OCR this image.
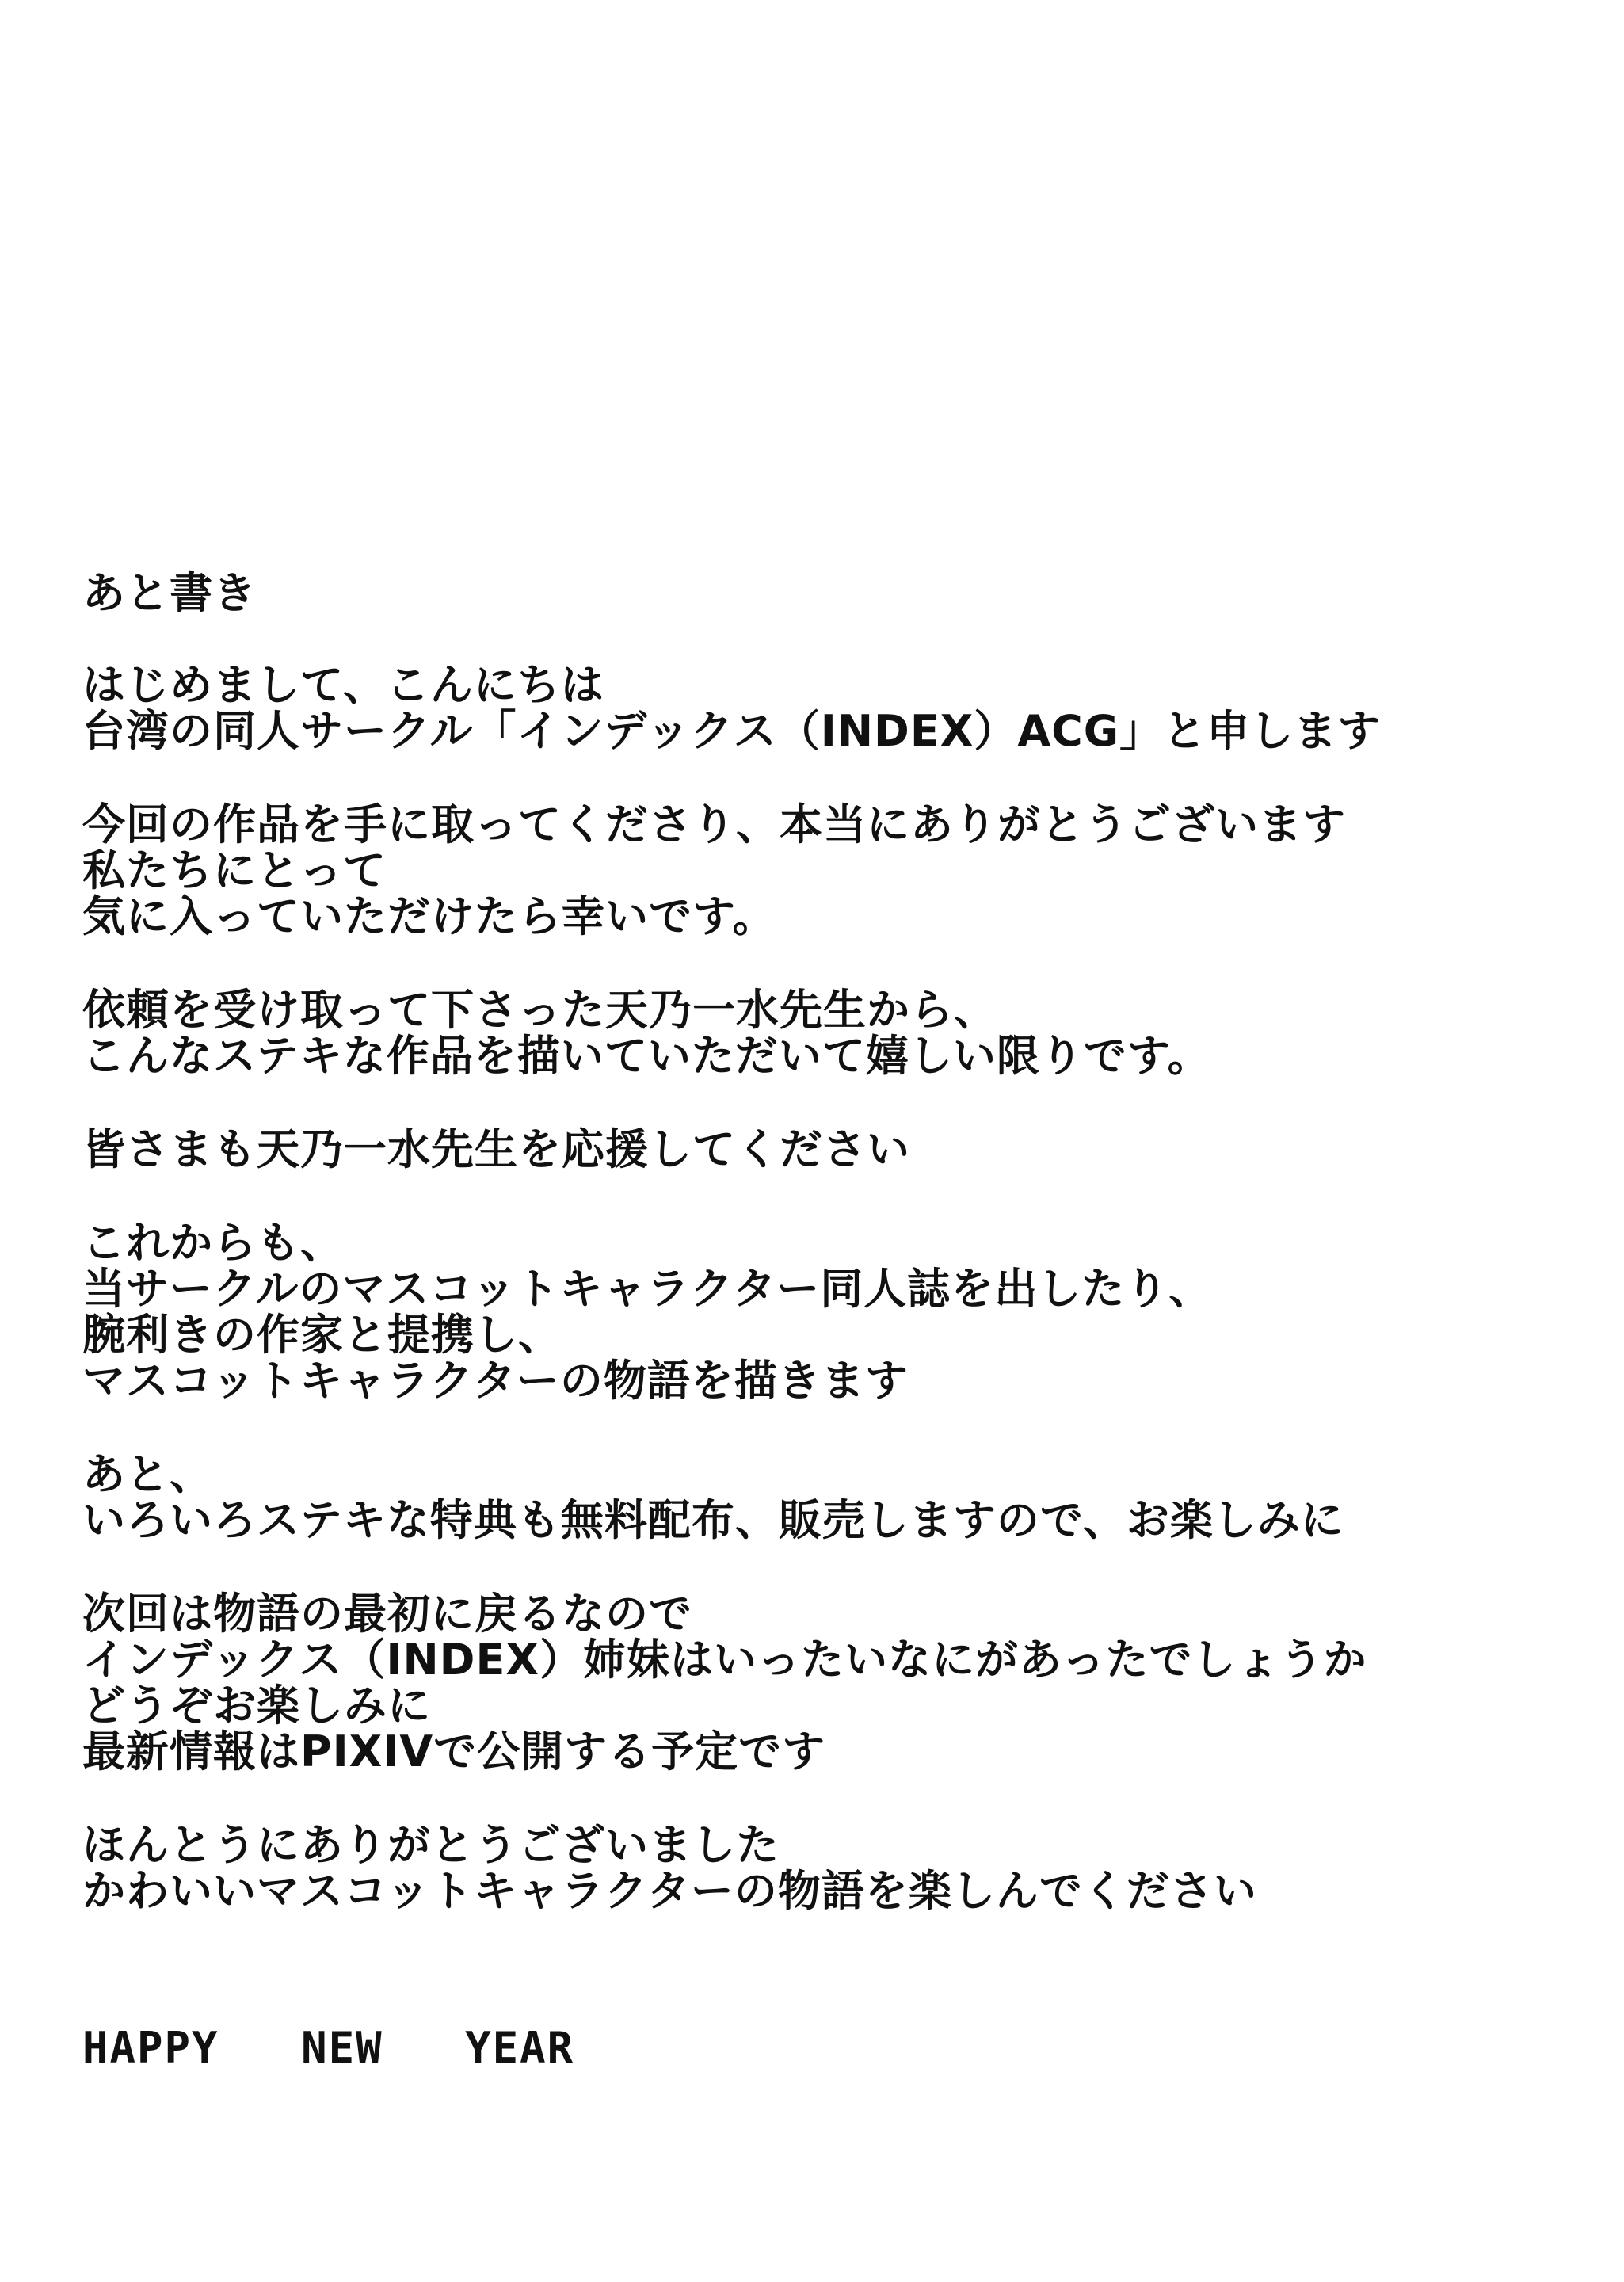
あと書き
はじめまして、こんにちは
台湾の同人サークル「インデックス（INDEX）ACG」と申します
今回の作品を手に取ってくださり、本当にありがとうございます
私たちにとって
気に入っていただけたら幸いです。
依頼を受け取って下さった天乃一水先生から、
こんなステキな作品を描いていただいて嬉しい限りです。
皆さまも天乃一水先生を応援してください
これからも、
当サークルのマスコットキャラクター同人誌を出したり、
腕利きの作家と提携し、
マスコットキャラクターの物語を描きます
あと、
いろいろステキな特典も無料配布、販売しますので、お楽しみに
次回は物語の最初に戻るなので
インデックス（INDEX）姉妹はいったいなにがあったでしょうか
どうぞお楽しみに
最新情報はPIXIVで公開する予定です
ほんとうにありがとうございました
かわいいマスコットキャラクターの物語を楽しんでください
HAPPY   NEW   YEAR
